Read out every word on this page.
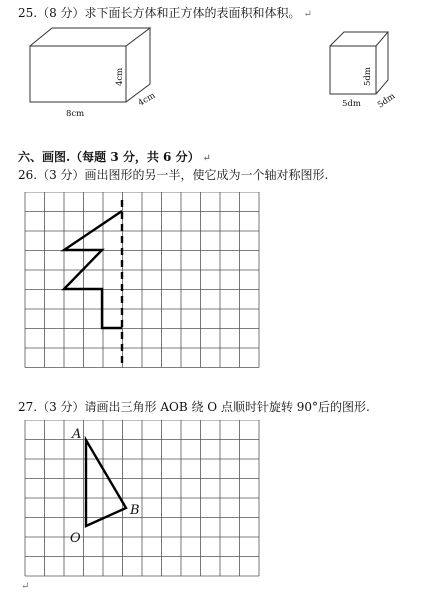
25.（8 分）求下面长方体和正方体的表面积和体积。 ↵
8cm
4cm
4cm
5dm
5dm 5dm
六、画图.（每题 3 分，共 6 分） ↵
26.（3 分）画出图形的另一半，使它成为一个轴对称图形.
27.（3 分）请画出三角形 AOB 绕 O 点顺时针旋转 90°后的图形.
A
B
O
↵
